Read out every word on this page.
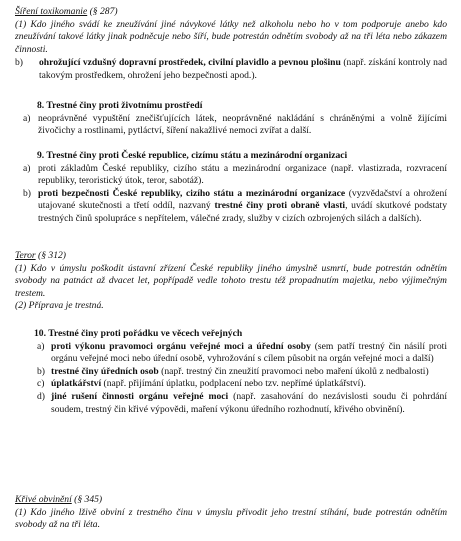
Šíření toxikomanie (§ 287)

(1) Kdo jiného svádí ke zneužívání jiné návykové látky než alkoholu nebo ho v tom podporuje anebo kdo zneužívání takové látky jinak podněcuje nebo šíří, bude potrestán odnětím svobody až na tři léta nebo zákazem činnosti.

b)	ohrožující vzdušný dopravní prostředek, civilní plavidlo a pevnou plošinu (např. získání kontroly nad takovým prostředkem, ohrožení jeho bezpečnosti apod.).

8. Trestné činy proti životnímu prostředí

a) neoprávněné vypuštění znečišťujících látek, neoprávněné nakládání s chráněnými a volně žijícími živočichy a rostlinami, pytláctví, šíření nakažlivé nemoci zvířat a další.

9. Trestné činy proti České republice, cizímu státu a mezinárodní organizaci

a) proti základům České republiky, cizího státu a mezinárodní organizace (např. vlastizrada, rozvracení republiky, teroristický útok, teror, sabotáž).

b) proti bezpečnosti České republiky, cizího státu a mezinárodní organizace (vyzvědačství a ohrožení utajované skutečnosti a třetí oddíl, nazvaný trestné činy proti obraně vlasti, uvádí skutkové podstaty trestných činů spolupráce s nepřítelem, válečné zrady, služby v cizích ozbrojených silách a dalších).

Teror (§ 312)

(1) Kdo v úmyslu poškodit ústavní zřízení České republiky jiného úmyslně usmrtí, bude potrestán odnětím svobody na patnáct až dvacet let, popřípadě vedle tohoto trestu též propadnutím majetku, nebo výjimečným trestem.

(2) Příprava je trestná.

10. Trestné činy proti pořádku ve věcech veřejných

a) proti výkonu pravomoci orgánu veřejné moci a úřední osoby (sem patří trestný čin násilí proti orgánu veřejné moci nebo úřední osobě, vyhrožování s cílem působit na orgán veřejné moci a další)

b) trestné činy úředních osob (např. trestný čin zneužití pravomoci nebo maření úkolů z nedbalosti)

c) úplatkářství (např. přijímání úplatku, podplacení nebo tzv. nepřímé úplatkářství).

d) jiné rušení činnosti orgánu veřejné moci (např. zasahování do nezávislosti soudu či pohrdání soudem, trestný čin křivé výpovědi, maření výkonu úředního rozhodnutí, křivého obvinění).

Křivé obvinění (§ 345)

(1) Kdo jiného lživě obviní z trestného činu v úmyslu přivodit jeho trestní stíhání, bude potrestán odnětím svobody až na tři léta.
